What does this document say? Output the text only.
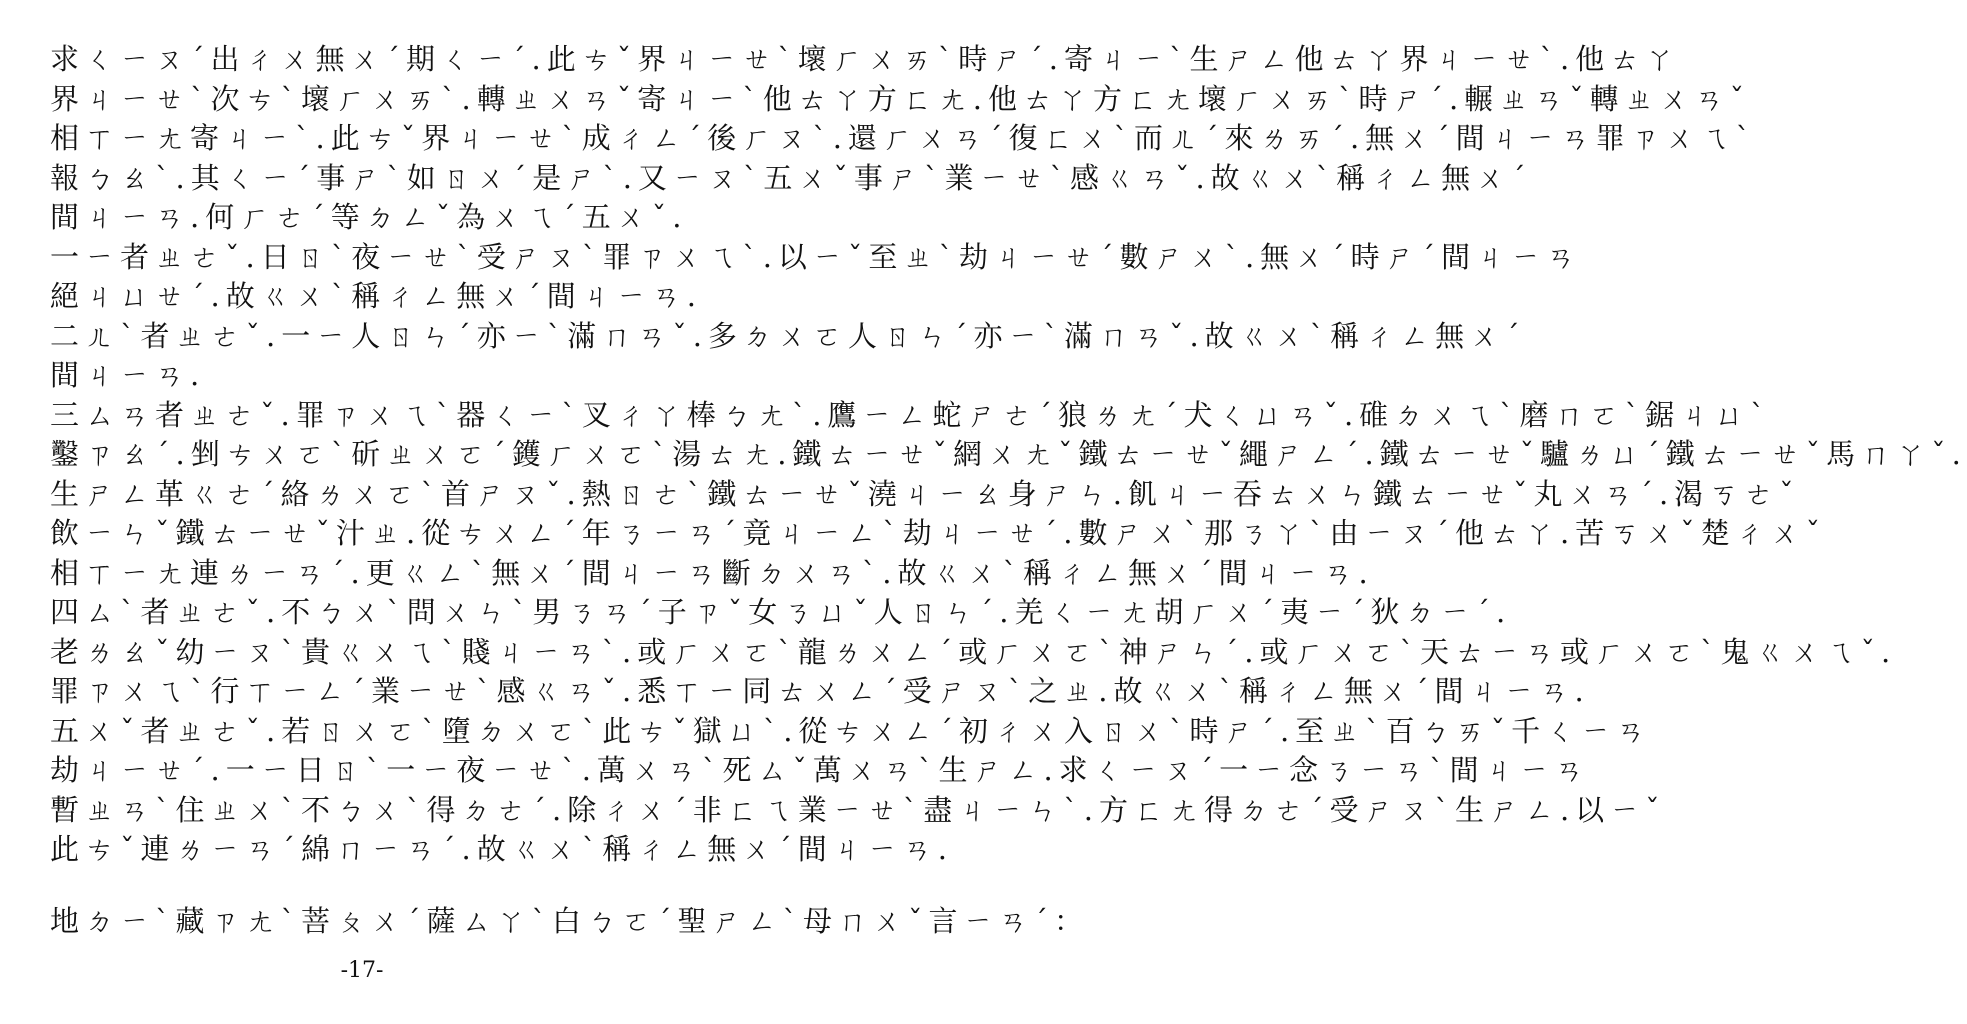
求ㄑㄧㄡˊ出ㄔㄨ無ㄨˊ期ㄑㄧˊ.此ㄘˇ界ㄐㄧㄝˋ壞ㄏㄨㄞˋ時ㄕˊ.寄ㄐㄧˋ生ㄕㄥ他ㄊㄚ界ㄐㄧㄝˋ.他ㄊㄚ
界ㄐㄧㄝˋ次ㄘˋ壞ㄏㄨㄞˋ.轉ㄓㄨㄢˇ寄ㄐㄧˋ他ㄊㄚ方ㄈㄤ.他ㄊㄚ方ㄈㄤ壞ㄏㄨㄞˋ時ㄕˊ.輾ㄓㄢˇ轉ㄓㄨㄢˇ
相ㄒㄧㄤ寄ㄐㄧˋ.此ㄘˇ界ㄐㄧㄝˋ成ㄔㄥˊ後ㄏㄡˋ.還ㄏㄨㄢˊ復ㄈㄨˋ而ㄦˊ來ㄌㄞˊ.無ㄨˊ間ㄐㄧㄢ罪ㄗㄨㄟˋ
報ㄅㄠˋ.其ㄑㄧˊ事ㄕˋ如ㄖㄨˊ是ㄕˋ.又ㄧㄡˋ五ㄨˇ事ㄕˋ業ㄧㄝˋ感ㄍㄢˇ.故ㄍㄨˋ稱ㄔㄥ無ㄨˊ
間ㄐㄧㄢ.何ㄏㄜˊ等ㄉㄥˇ為ㄨㄟˊ五ㄨˇ.
一ㄧ者ㄓㄜˇ.日ㄖˋ夜ㄧㄝˋ受ㄕㄡˋ罪ㄗㄨㄟˋ.以ㄧˇ至ㄓˋ劫ㄐㄧㄝˊ數ㄕㄨˋ.無ㄨˊ時ㄕˊ間ㄐㄧㄢ
絕ㄐㄩㄝˊ.故ㄍㄨˋ稱ㄔㄥ無ㄨˊ間ㄐㄧㄢ.
二ㄦˋ者ㄓㄜˇ.一ㄧ人ㄖㄣˊ亦ㄧˋ滿ㄇㄢˇ.多ㄉㄨㄛ人ㄖㄣˊ亦ㄧˋ滿ㄇㄢˇ.故ㄍㄨˋ稱ㄔㄥ無ㄨˊ
間ㄐㄧㄢ.
三ㄙㄢ者ㄓㄜˇ.罪ㄗㄨㄟˋ器ㄑㄧˋ叉ㄔㄚ棒ㄅㄤˋ.鷹ㄧㄥ蛇ㄕㄜˊ狼ㄌㄤˊ犬ㄑㄩㄢˇ.碓ㄉㄨㄟˋ磨ㄇㄛˋ鋸ㄐㄩˋ
鑿ㄗㄠˊ.剉ㄘㄨㄛˋ斫ㄓㄨㄛˊ鑊ㄏㄨㄛˋ湯ㄊㄤ.鐵ㄊㄧㄝˇ網ㄨㄤˇ鐵ㄊㄧㄝˇ繩ㄕㄥˊ.鐵ㄊㄧㄝˇ驢ㄌㄩˊ鐵ㄊㄧㄝˇ馬ㄇㄚˇ.
生ㄕㄥ革ㄍㄜˊ絡ㄌㄨㄛˋ首ㄕㄡˇ.熱ㄖㄜˋ鐵ㄊㄧㄝˇ澆ㄐㄧㄠ身ㄕㄣ.飢ㄐㄧ吞ㄊㄨㄣ鐵ㄊㄧㄝˇ丸ㄨㄢˊ.渴ㄎㄜˇ
飲ㄧㄣˇ鐵ㄊㄧㄝˇ汁ㄓ.從ㄘㄨㄥˊ年ㄋㄧㄢˊ竟ㄐㄧㄥˋ劫ㄐㄧㄝˊ.數ㄕㄨˋ那ㄋㄚˋ由ㄧㄡˊ他ㄊㄚ.苦ㄎㄨˇ楚ㄔㄨˇ
相ㄒㄧㄤ連ㄌㄧㄢˊ.更ㄍㄥˋ無ㄨˊ間ㄐㄧㄢ斷ㄉㄨㄢˋ.故ㄍㄨˋ稱ㄔㄥ無ㄨˊ間ㄐㄧㄢ.
四ㄙˋ者ㄓㄜˇ.不ㄅㄨˋ問ㄨㄣˋ男ㄋㄢˊ子ㄗˇ女ㄋㄩˇ人ㄖㄣˊ.羌ㄑㄧㄤ胡ㄏㄨˊ夷ㄧˊ狄ㄉㄧˊ.
老ㄌㄠˇ幼ㄧㄡˋ貴ㄍㄨㄟˋ賤ㄐㄧㄢˋ.或ㄏㄨㄛˋ龍ㄌㄨㄥˊ或ㄏㄨㄛˋ神ㄕㄣˊ.或ㄏㄨㄛˋ天ㄊㄧㄢ或ㄏㄨㄛˋ鬼ㄍㄨㄟˇ.
罪ㄗㄨㄟˋ行ㄒㄧㄥˊ業ㄧㄝˋ感ㄍㄢˇ.悉ㄒㄧ同ㄊㄨㄥˊ受ㄕㄡˋ之ㄓ.故ㄍㄨˋ稱ㄔㄥ無ㄨˊ間ㄐㄧㄢ.
五ㄨˇ者ㄓㄜˇ.若ㄖㄨㄛˋ墮ㄉㄨㄛˋ此ㄘˇ獄ㄩˋ.從ㄘㄨㄥˊ初ㄔㄨ入ㄖㄨˋ時ㄕˊ.至ㄓˋ百ㄅㄞˇ千ㄑㄧㄢ
劫ㄐㄧㄝˊ.一ㄧ日ㄖˋ一ㄧ夜ㄧㄝˋ.萬ㄨㄢˋ死ㄙˇ萬ㄨㄢˋ生ㄕㄥ.求ㄑㄧㄡˊ一ㄧ念ㄋㄧㄢˋ間ㄐㄧㄢ
暫ㄓㄢˋ住ㄓㄨˋ不ㄅㄨˋ得ㄉㄜˊ.除ㄔㄨˊ非ㄈㄟ業ㄧㄝˋ盡ㄐㄧㄣˋ.方ㄈㄤ得ㄉㄜˊ受ㄕㄡˋ生ㄕㄥ.以ㄧˇ
此ㄘˇ連ㄌㄧㄢˊ綿ㄇㄧㄢˊ.故ㄍㄨˋ稱ㄔㄥ無ㄨˊ間ㄐㄧㄢ.
地ㄉㄧˋ藏ㄗㄤˋ菩ㄆㄨˊ薩ㄙㄚˋ白ㄅㄛˊ聖ㄕㄥˋ母ㄇㄨˇ言ㄧㄢˊ：
-17-
